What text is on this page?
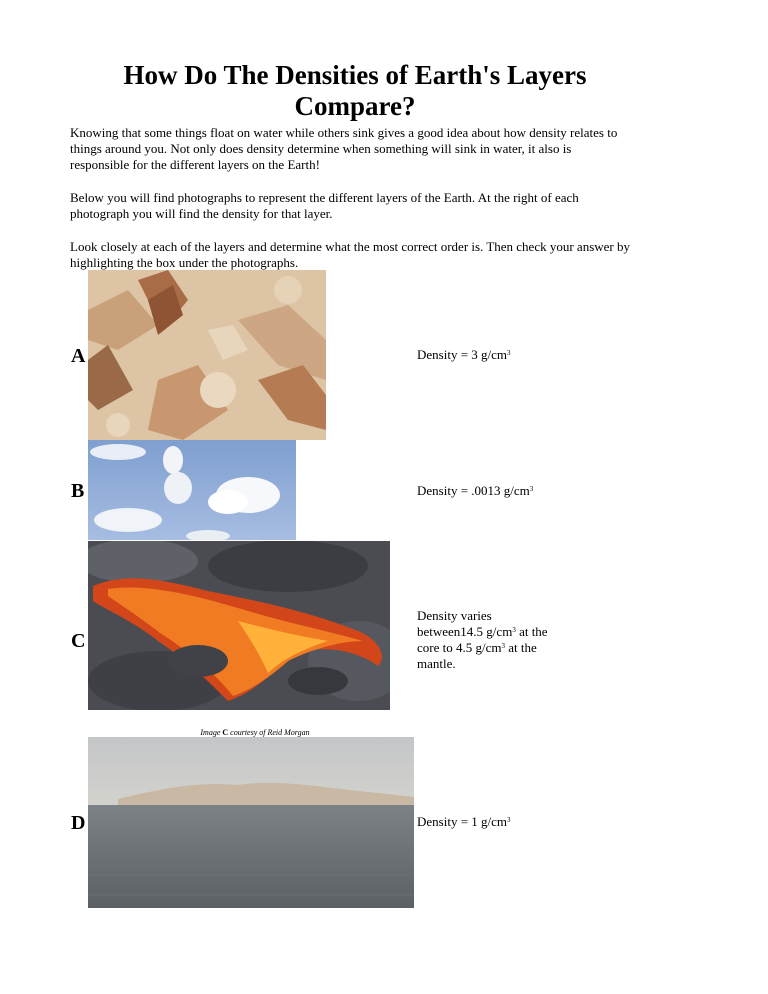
How Do The Densities of Earth's Layers Compare?

Knowing that some things float on water while others sink gives a good idea about how density relates to things around you. Not only does density determine when something will sink in water, it also is responsible for the different layers on the Earth!

Below you will find photographs to represent the different layers of the Earth. At the right of each photograph you will find the density for that layer.

Look closely at each of the layers and determine what the most correct order is. Then check your answer by highlighting the box under the photographs.

A	Density = 3 $g/cm^3$
B	Density = .0013 $g/cm^3$
C
Density varies between14.5 $g/cm^3$ at the core to 4.5 $g/cm^3$ at the mantle.
Image C courtesy of Reid Morgan
D	Density = 1 $g/cm^3$
